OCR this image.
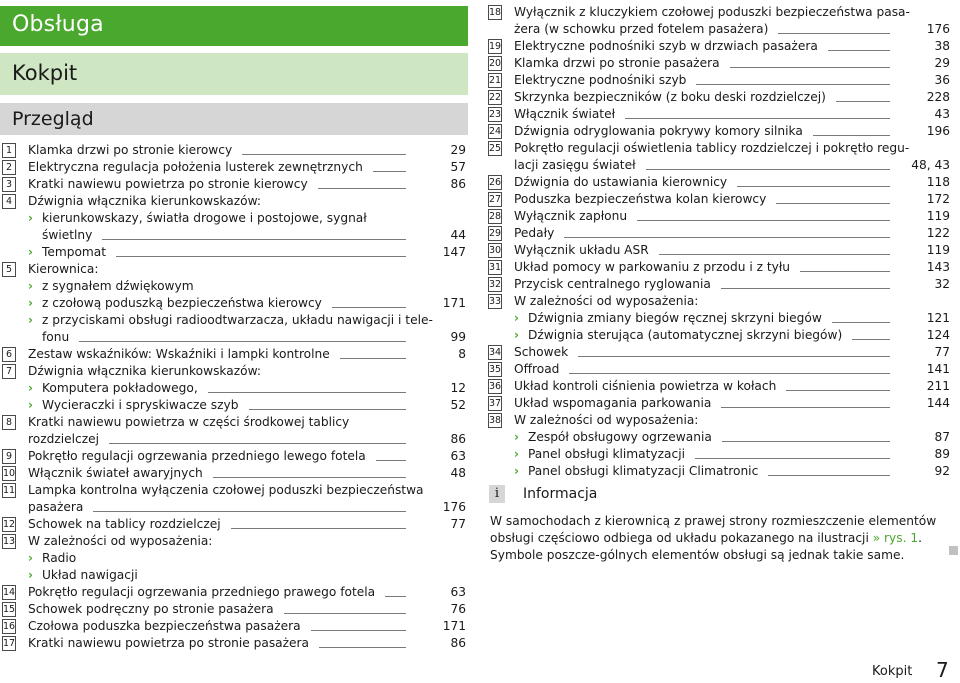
Obsługa
Kokpit
Przegląd
1	Klamka drzwi po stronie kierowcy	29
2	Elektryczna regulacja położenia lusterek zewnętrznych	57
3	Kratki nawiewu powietrza po stronie kierowcy	86
4	Dźwignia włącznika kierunkowskazów:
› kierunkowskazy, światła drogowe i postojowe, sygnał
świetlny	44
› Tempomat	147
5	Kierownica:
› z sygnałem dźwiękowym
› z czołową poduszką bezpieczeństwa kierowcy	171
› z przyciskami obsługi radioodtwarzacza, układu nawigacji i tele-
fonu	99
6	Zestaw wskaźników: Wskaźniki i lampki kontrolne	8
7	Dźwignia włącznika kierunkowskazów:
› Komputera pokładowego,	12
› Wycieraczki i spryskiwacze szyb	52
8	Kratki nawiewu powietrza w części środkowej tablicy
rozdzielczej	86
9	Pokrętło regulacji ogrzewania przedniego lewego fotela	63
10 Włącznik świateł awaryjnych	48
11 Lampka kontrolna wyłączenia czołowej poduszki bezpieczeństwa
pasażera	176
12 Schowek na tablicy rozdzielczej	77
13 W zależności od wyposażenia:
› Radio
› Układ nawigacji
14 Pokrętło regulacji ogrzewania przedniego prawego fotela	63
15 Schowek podręczny po stronie pasażera	76
16 Czołowa poduszka bezpieczeństwa pasażera	171
17 Kratki nawiewu powietrza po stronie pasażera	86
18 Wyłącznik z kluczykiem czołowej poduszki bezpieczeństwa pasa-
żera (w schowku przed fotelem pasażera)	176
19 Elektryczne podnośniki szyb w drzwiach pasażera	38
20 Klamka drzwi po stronie pasażera	29
21 Elektryczne podnośniki szyb	36
22 Skrzynka bezpieczników (z boku deski rozdzielczej)	228
23 Włącznik świateł	43
24 Dźwignia odryglowania pokrywy komory silnika	196
25 Pokrętło regulacji oświetlenia tablicy rozdzielczej i pokrętło regu-
lacji zasięgu świateł	48, 43
26 Dźwignia do ustawiania kierownicy	118
27 Poduszka bezpieczeństwa kolan kierowcy	172
28 Wyłącznik zapłonu	119
29 Pedały	122
30 Wyłącznik układu ASR	119
31 Układ pomocy w parkowaniu z przodu i z tyłu	143
32 Przycisk centralnego ryglowania	32
33 W zależności od wyposażenia:
› Dźwignia zmiany biegów ręcznej skrzyni biegów	121
› Dźwignia sterująca (automatycznej skrzyni biegów)	124
34 Schowek	77
35 Offroad	141
36 Układ kontroli ciśnienia powietrza w kołach	211
37 Układ wspomagania parkowania	144
38 W zależności od wyposażenia:
› Zespół obsługowy ogrzewania	87
› Panel obsługi klimatyzacji	89
› Panel obsługi klimatyzacji Climatronic	92
i	Informacja
W samochodach z kierownicą z prawej strony rozmieszczenie elementów obsługi częściowo odbiega od układu pokazanego na ilustracji » rys. 1. Symbole poszcze-gólnych elementów obsługi są jednak takie same.
Kokpit 7
